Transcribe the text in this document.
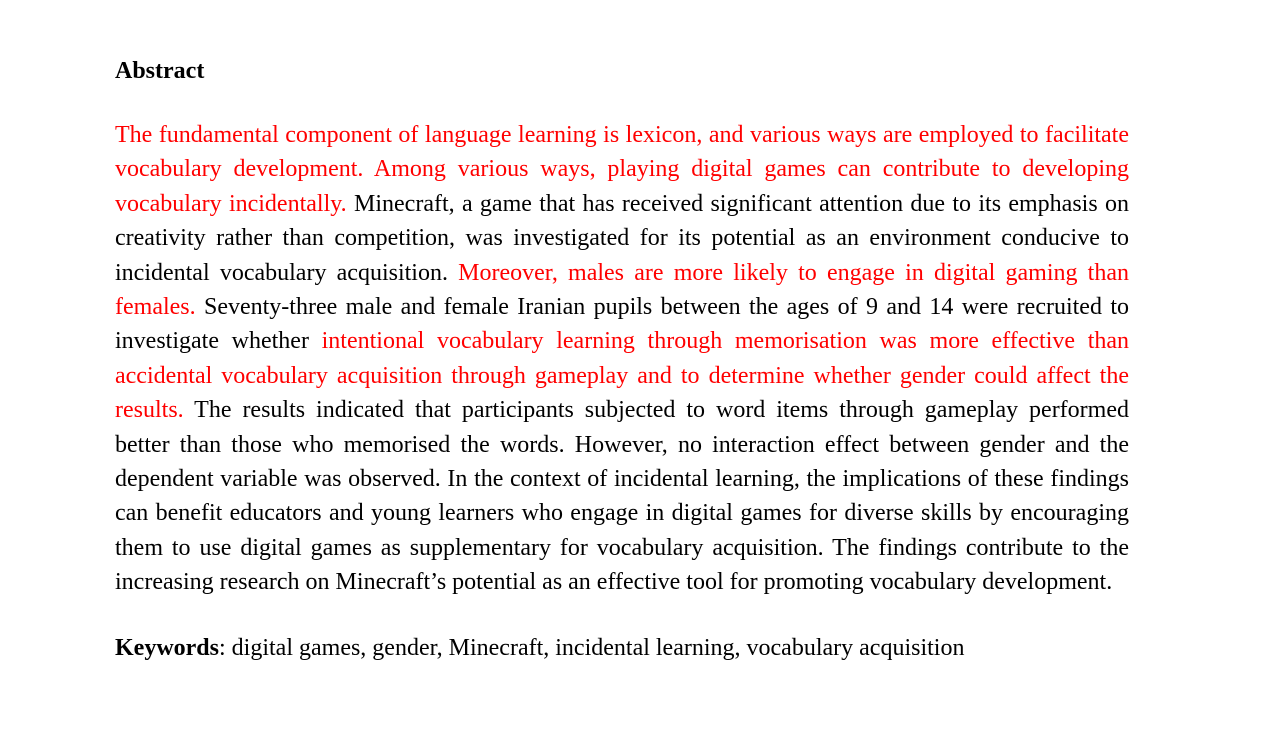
Abstract

The fundamental component of language learning is lexicon, and various ways are employed to facilitate vocabulary development. Among various ways, playing digital games can contribute to developing vocabulary incidentally. Minecraft, a game that has received significant attention due to its emphasis on creativity rather than competition, was investigated for its potential as an environment conducive to incidental vocabulary acquisition. Moreover, males are more likely to engage in digital gaming than females. Seventy-three male and female Iranian pupils between the ages of 9 and 14 were recruited to investigate whether intentional vocabulary learning through memorisation was more effective than accidental vocabulary acquisition through gameplay and to determine whether gender could affect the results. The results indicated that participants subjected to word items through gameplay performed better than those who memorised the words. However, no interaction effect between gender and the dependent variable was observed. In the context of incidental learning, the implications of these findings can benefit educators and young learners who engage in digital games for diverse skills by encouraging them to use digital games as supplementary for vocabulary acquisition. The findings contribute to the increasing research on Minecraft’s potential as an effective tool for promoting vocabulary development.

Keywords: digital games, gender, Minecraft, incidental learning, vocabulary acquisition
